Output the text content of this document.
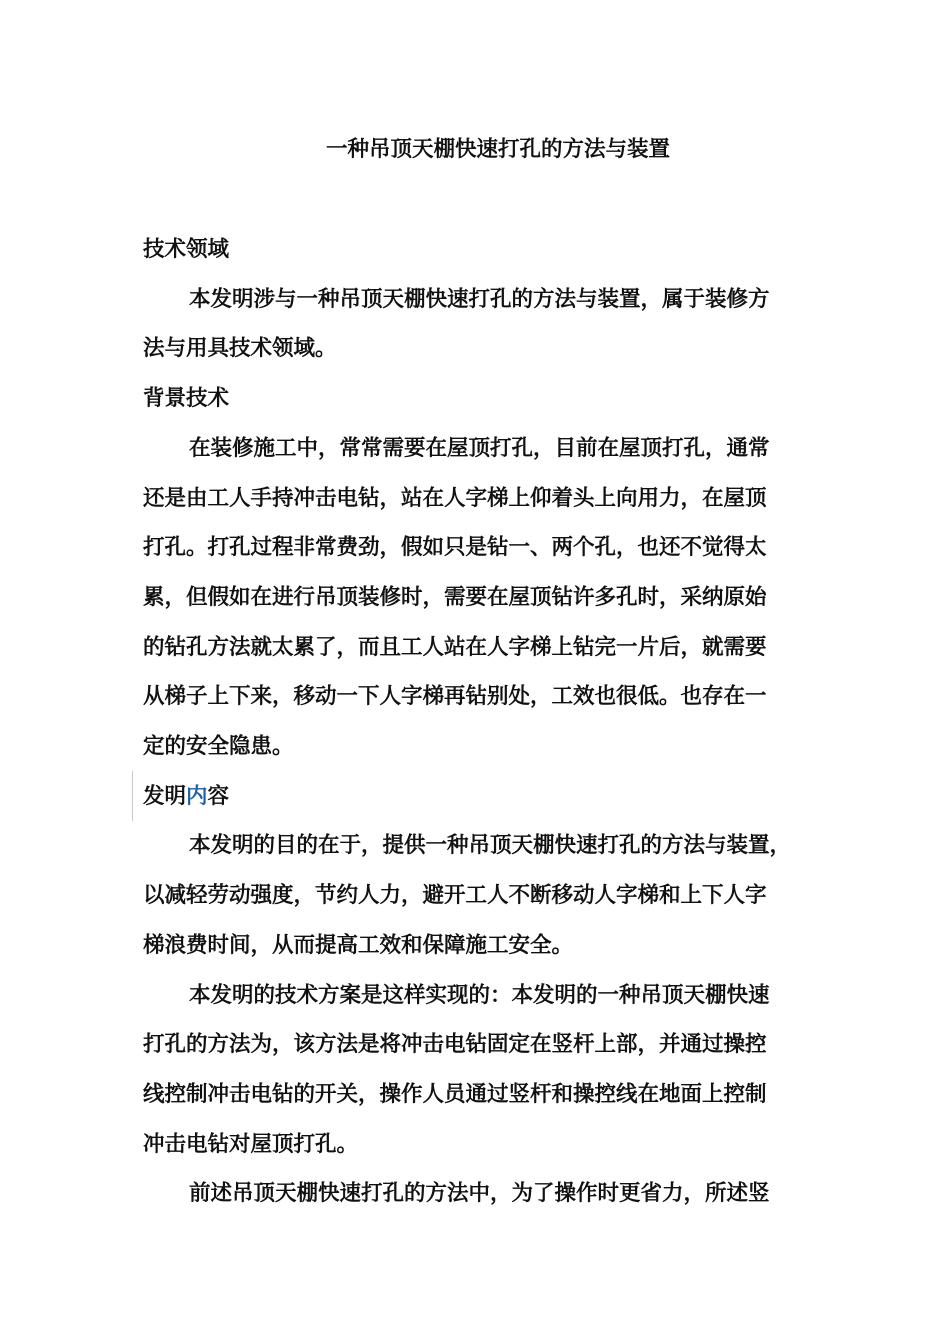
一种吊顶天棚快速打孔的方法与装置
技术领域

本发明涉与一种吊顶天棚快速打孔的方法与装置，属于装修方
法与用具技术领域。

背景技术

在装修施工中，常常需要在屋顶打孔，目前在屋顶打孔，通常
还是由工人手持冲击电钻，站在人字梯上仰着头上向用力，在屋顶
打孔。打孔过程非常费劲，假如只是钻一、两个孔，也还不觉得太
累，但假如在进行吊顶装修时，需要在屋顶钻许多孔时，采纳原始
的钻孔方法就太累了，而且工人站在人字梯上钻完一片后，就需要
从梯子上下来，移动一下人字梯再钻别处，工效也很低。也存在一
定的安全隐患。

发明内容

本发明的目的在于，提供一种吊顶天棚快速打孔的方法与装置，
以减轻劳动强度，节约人力，避开工人不断移动人字梯和上下人字
梯浪费时间，从而提高工效和保障施工安全。

本发明的技术方案是这样实现的：本发明的一种吊顶天棚快速
打孔的方法为，该方法是将冲击电钻固定在竖杆上部，并通过操控
线控制冲击电钻的开关，操作人员通过竖杆和操控线在地面上控制
冲击电钻对屋顶打孔。

前述吊顶天棚快速打孔的方法中，为了操作时更省力，所述竖
